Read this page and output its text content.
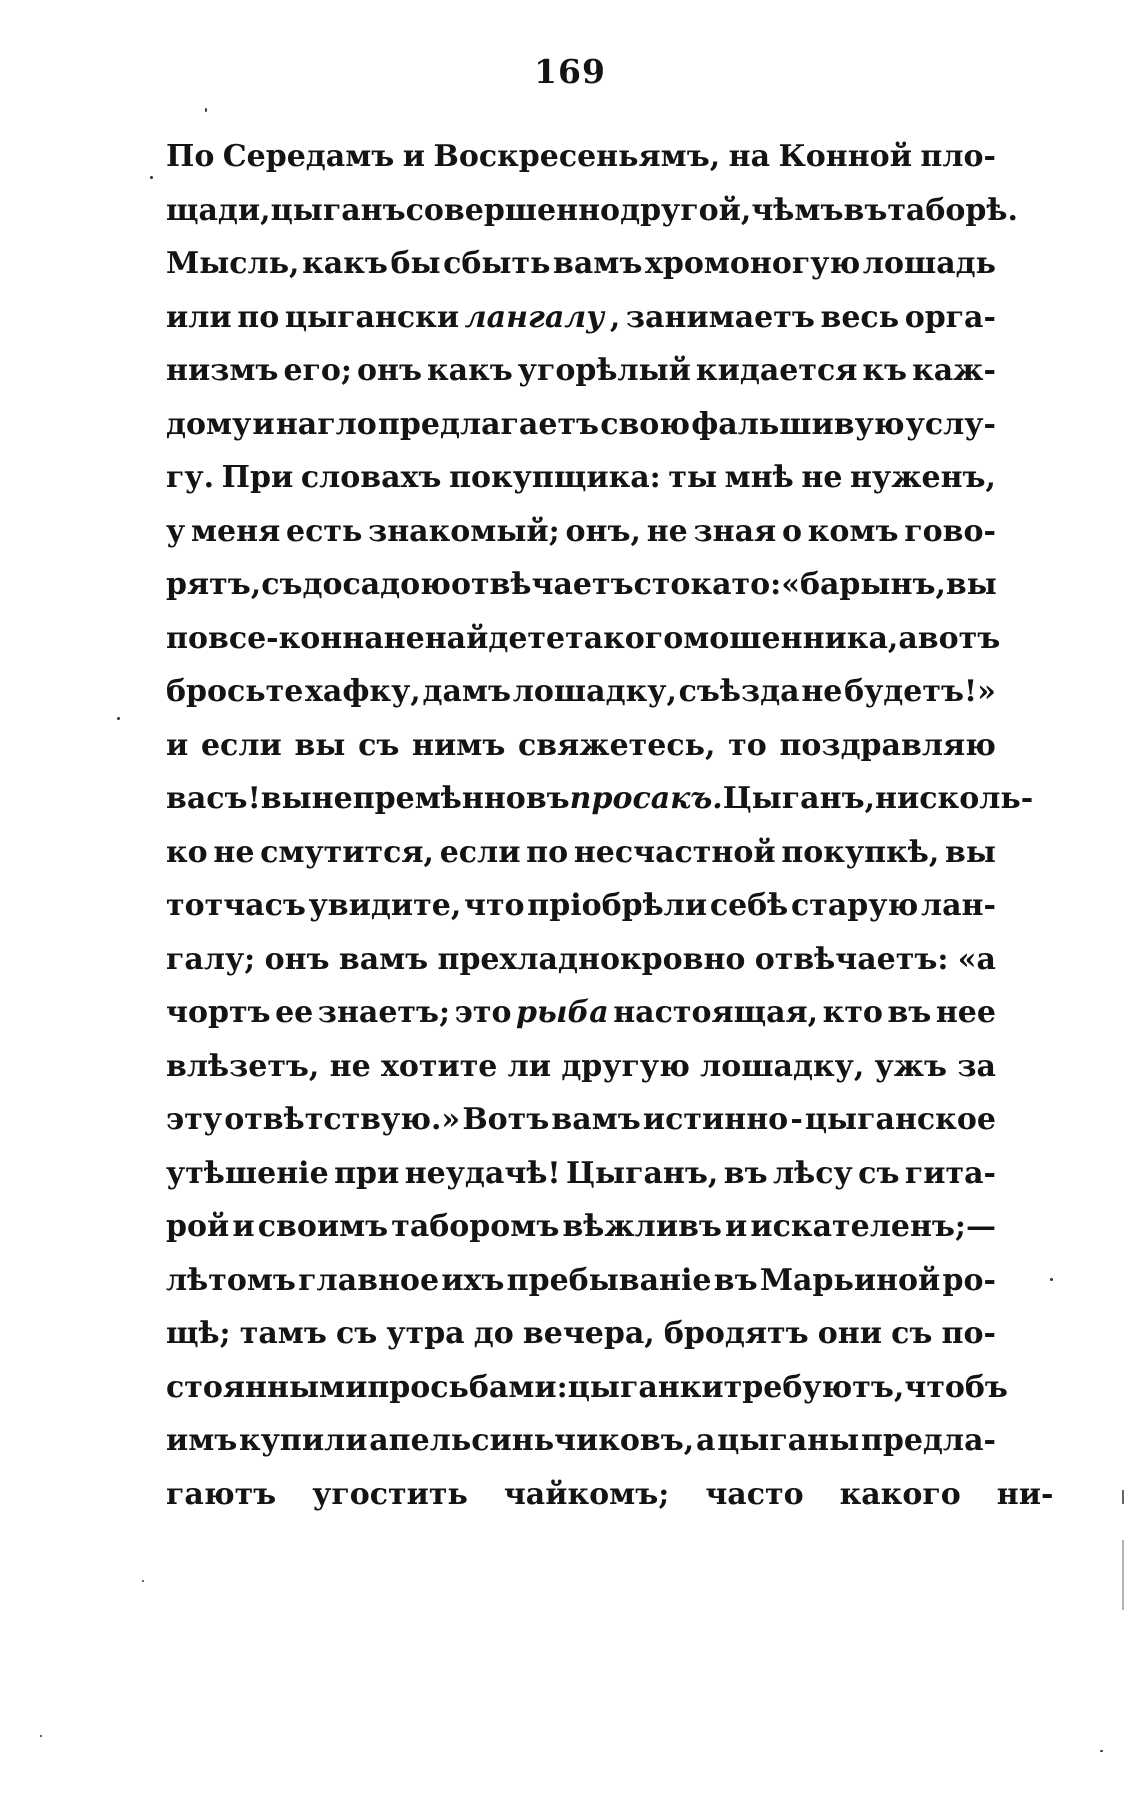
169
По Середамъ и Воскресеньямъ, на Конной пло-
щади, цыганъ совершенно другой, чѣмъ въ таборѣ.
Мысль, какъ бы сбыть вамъ хромоногую лошадь
или по цыгански лангалу , занимаетъ весь орга-
низмъ его; онъ какъ угорѣлый кидается къ каж-
дому и нагло предлагаетъ свою фальшивую услу-
гу. При словахъ покупщика: ты мнѣ не нуженъ,
у меня есть знакомый; онъ, не зная о комъ гово-
рятъ, съ досадою отвѣчаетъ стокато: «барынъ, вы
по все-конна не найдете такого мошенника, а вотъ
бросьте хафку, дамъ лошадку, съѣзда не будетъ!»
и если вы съ нимъ свяжетесь, то поздравляю
васъ! вы непремѣнно въ просакъ. Цыганъ, нисколь-
ко не смутится, если по несчастной покупкѣ, вы
тотчасъ увидите, что пріобрѣли себѣ старую лан-
галу; онъ вамъ прехладнокровно отвѣчаетъ: «а
чортъ ее знаетъ; это рыба настоящая, кто въ нее
влѣзетъ, не хотите ли другую лошадку, ужъ за
эту отвѣтствую.» Вотъ вамъ истинно - цыганское
утѣшеніе при неудачѣ! Цыганъ, въ лѣсу съ гита-
рой и своимъ таборомъ вѣжливъ и искателенъ;—
лѣтомъ главное ихъ пребываніе въ Марьиной ро-
щѣ; тамъ съ утра до вечера, бродятъ они съ по-
стоянными просьбами: цыганки требуютъ, чтобъ
имъ купили апельсиньчиковъ, а цыганы предла-
гаютъ угостить чайкомъ; часто какого ни-
